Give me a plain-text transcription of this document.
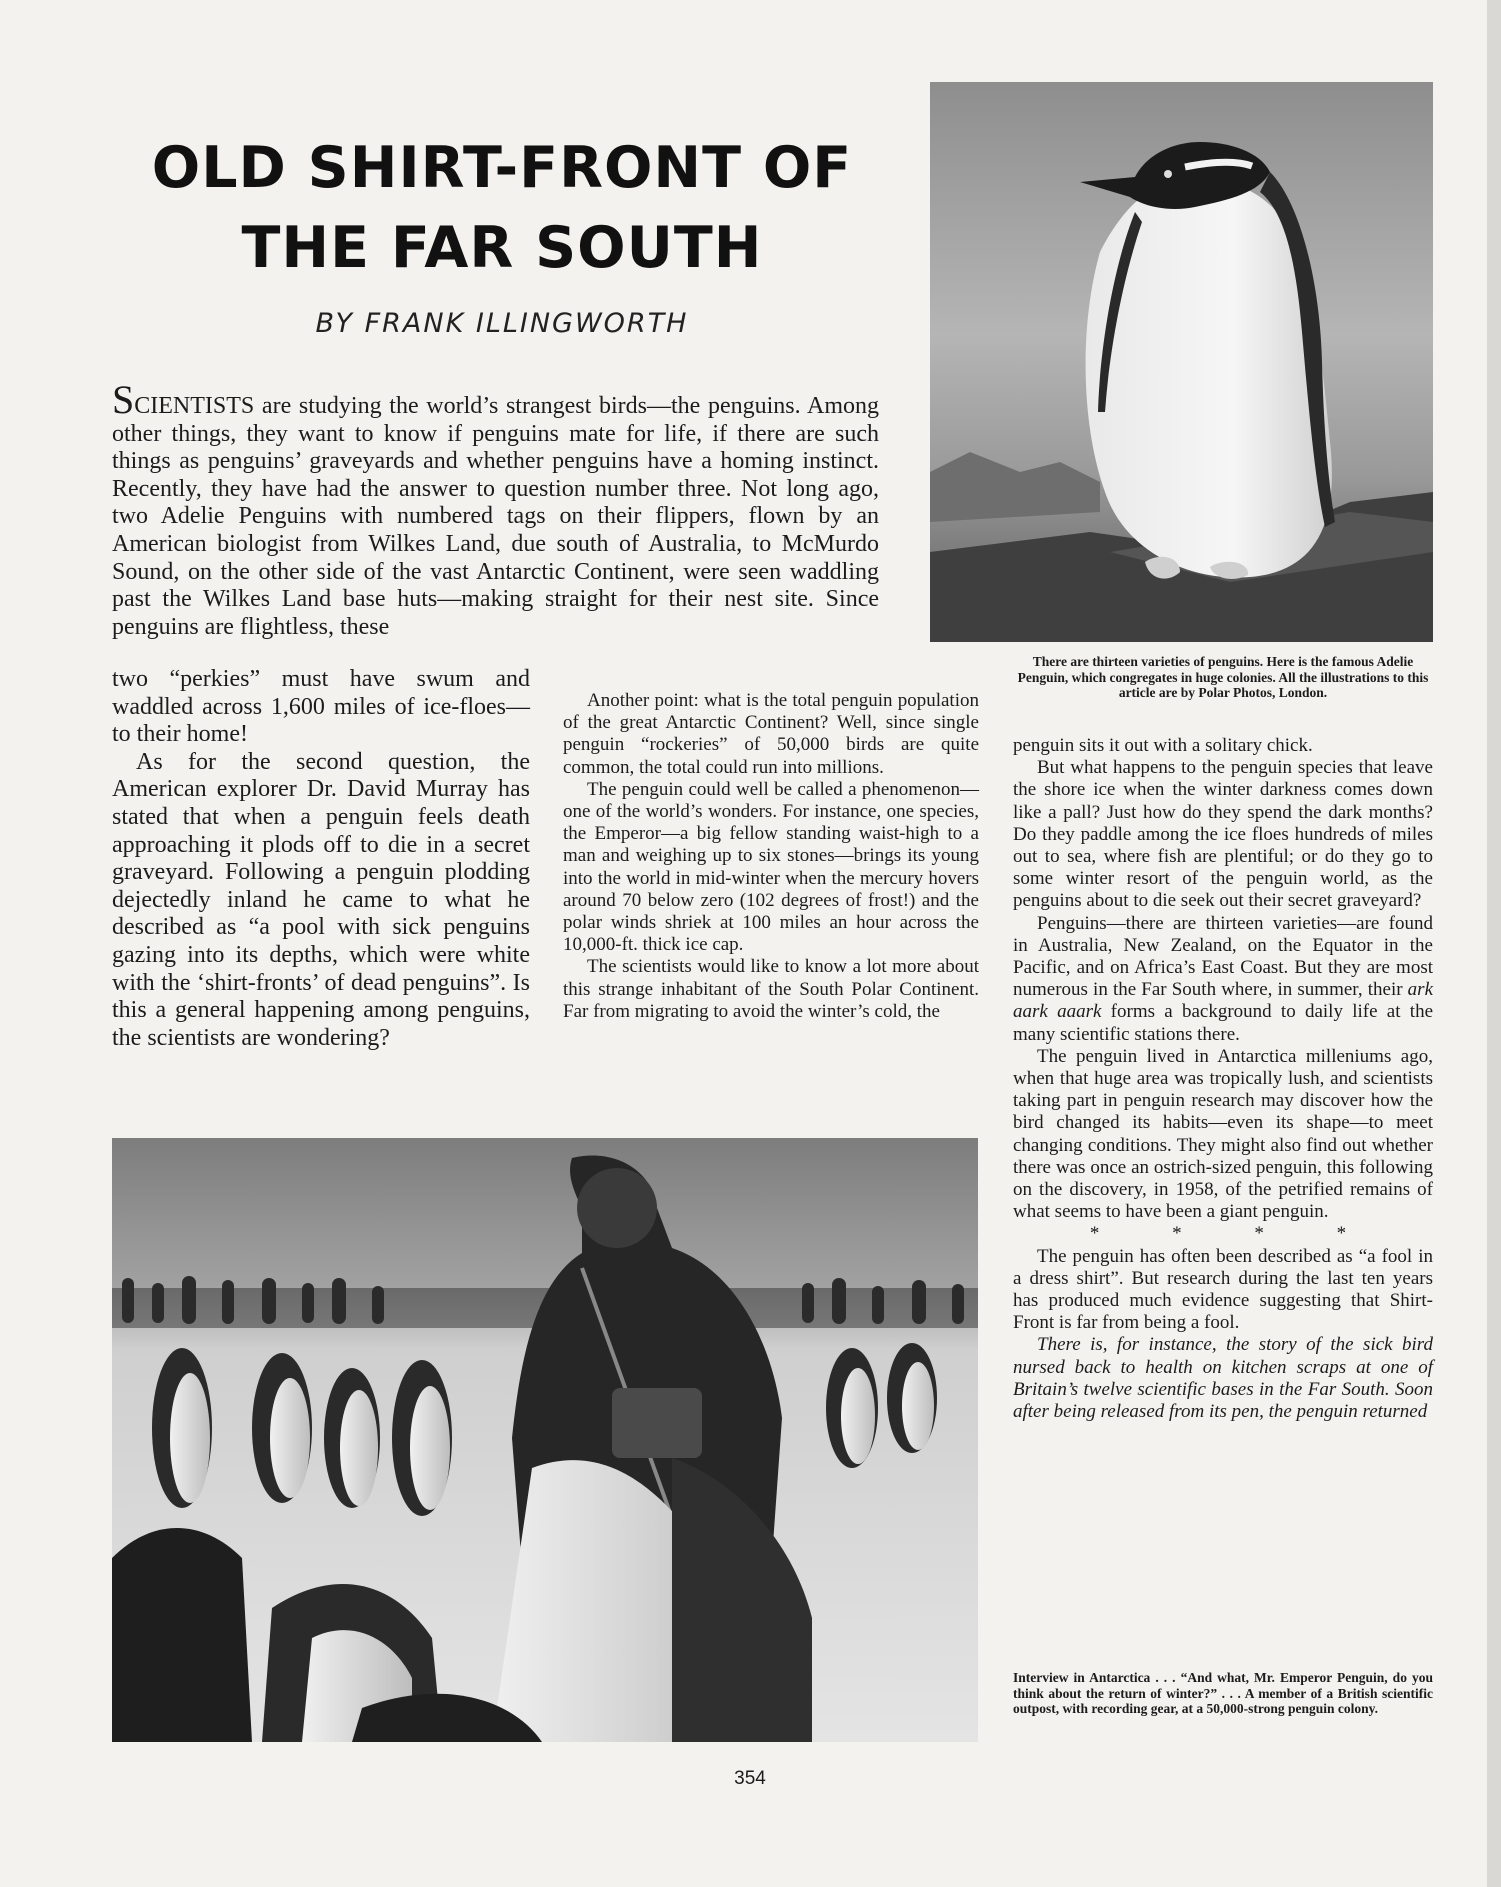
OLD SHIRT-FRONT OF
THE FAR SOUTH
BY FRANK ILLINGWORTH

SCIENTISTS are studying the world’s strangest birds—the penguins. Among other things, they want to know if penguins mate for life, if there are such things as penguins’ graveyards and whether penguins have a homing instinct. Recently, they have had the answer to question number three. Not long ago, two Adelie Penguins with numbered tags on their flippers, flown by an American biologist from Wilkes Land, due south of Australia, to McMurdo Sound, on the other side of the vast Antarctic Continent, were seen waddling past the Wilkes Land base huts—making straight for their nest site. Since penguins are flightless, these

two “perkies” must have swum and waddled across 1,600 miles of ice-floes—to their home!

As for the second question, the American explorer Dr. David Murray has stated that when a penguin feels death approaching it plods off to die in a secret graveyard. Following a penguin plodding dejectedly inland he came to what he described as “a pool with sick penguins gazing into its depths, which were white with the ‘shirt-fronts’ of dead penguins”. Is this a general happening among penguins, the scientists are wondering?

Another point: what is the total penguin population of the great Antarctic Continent? Well, since single penguin “rockeries” of 50,000 birds are quite common, the total could run into millions.

The penguin could well be called a phenomenon—one of the world’s wonders. For instance, one species, the Emperor—a big fellow standing waist-high to a man and weighing up to six stones—brings its young into the world in mid-winter when the mercury hovers around 70 below zero (102 degrees of frost!) and the polar winds shriek at 100 miles an hour across the 10,000-ft. thick ice cap.

The scientists would like to know a lot more about this strange inhabitant of the South Polar Continent. Far from migrating to avoid the winter’s cold, the

penguin sits it out with a solitary chick.

But what happens to the penguin species that leave the shore ice when the winter darkness comes down like a pall? Just how do they spend the dark months? Do they paddle among the ice floes hundreds of miles out to sea, where fish are plentiful; or do they go to some winter resort of the penguin world, as the penguins about to die seek out their secret graveyard?

Penguins—there are thirteen varieties—are found in Australia, New Zealand, on the Equator in the Pacific, and on Africa’s East Coast. But they are most numerous in the Far South where, in summer, their ark aark aaark forms a background to daily life at the many scientific stations there.

The penguin lived in Antarctica milleniums ago, when that huge area was tropically lush, and scientists taking part in penguin research may discover how the bird changed its habits—even its shape—to meet changing conditions. They might also find out whether there was once an ostrich-sized penguin, this following on the discovery, in 1958, of the petrified remains of what seems to have been a giant penguin.

* * * *

The penguin has often been described as “a fool in a dress shirt”. But research during the last ten years has produced much evidence suggesting that Shirt-Front is far from being a fool.

There is, for instance, the story of the sick bird nursed back to health on kitchen scraps at one of Britain’s twelve scientific bases in the Far South. Soon after being released from its pen, the penguin returned

There are thirteen varieties of penguins. Here is the famous Adelie Penguin, which congregates in huge colonies. All the illustrations to this article are by Polar Photos, London.
Interview in Antarctica . . . “And what, Mr. Emperor Penguin, do you think about the return of winter?” . . . A member of a British scientific outpost, with recording gear, at a 50,000-strong penguin colony.
354
